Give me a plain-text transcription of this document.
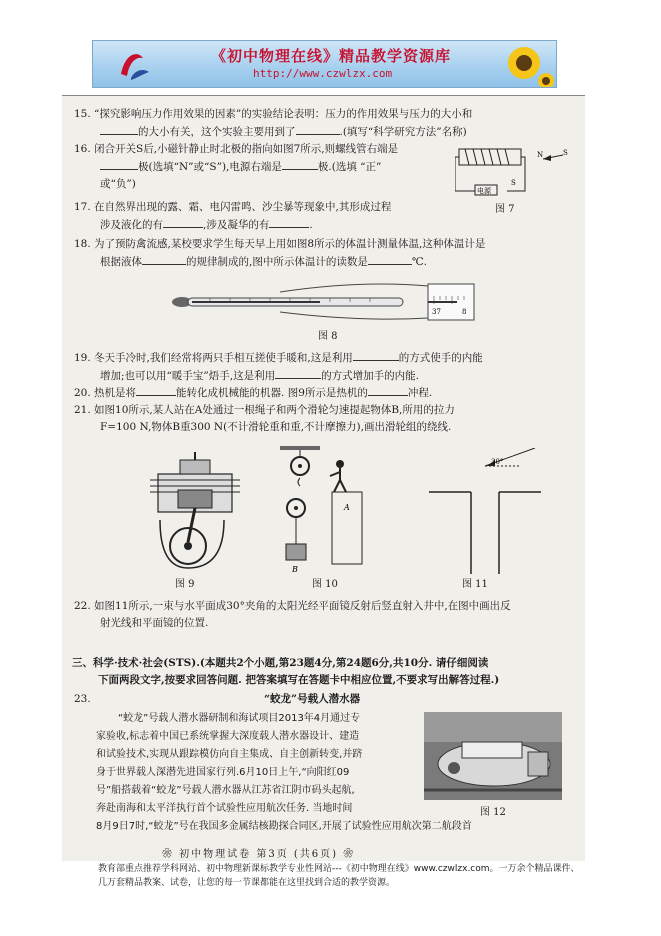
《初中物理在线》精品教学资源库
http://www.czwlzx.com
15. “探究影响压力作用效果的因素”的实验结论表明：压力的作用效果与压力的大小和
的大小有关，这个实验主要用到了	.(填写“科学研究方法”名称)
16. 闭合开关S后,小磁针静止时北极的指向如图7所示,则螺线管右端是
极(选填“N”或“S”),电源右端是	极.(选填 “正”
或“负”)
电源
S
N	S
图 7
17. 在自然界出现的露、霜、电闪雷鸣、沙尘暴等现象中,其形成过程
涉及液化的有	,涉及凝华的有	.
18. 为了预防禽流感,某校要求学生每天早上用如图8所示的体温计测量体温,这种体温计是
根据液体	的规律制成的,图中所示体温计的读数是	℃.
37	8
图 8
19. 冬天手冷时,我们经常将两只手相互搓使手暖和,这是利用	的方式使手的内能
增加;也可以用“暖手宝”焐手,这是利用	的方式增加手的内能.
20. 热机是将	能转化成机械能的机器. 图9所示是热机的	冲程.
21. 如图10所示,某人站在A处通过一根绳子和两个滑轮匀速提起物体B,所用的拉力
F=100 N,物体B重300 N(不计滑轮重和重,不计摩擦力),画出滑轮组的绕线.
图 9
B
A
图 10
30°
图 11
22. 如图11所示,一束与水平面成30°夹角的太阳光经平面镜反射后竖直射入井中,在图中画出反
射光线和平面镜的位置.
三、科学·技术·社会(STS).(本题共2个小题,第23题4分,第24题6分,共10分. 请仔细阅读
下面两段文字,按要求回答问题. 把答案填写在答题卡中相应位置,不要求写出解答过程.)
23.	“蛟龙”号载人潜水器
“蛟龙”号载人潜水器研制和海试项目2013年4月通过专
家验收,标志着中国已系统掌握大深度载人潜水器设计、建造
和试验技术,实现从跟踪模仿向自主集成、自主创新转变,并跻
身于世界载人深潜先进国家行列.6月10日上午,“向阳红09
号”船搭载着“蛟龙”号载人潜水器从江苏省江阴市码头起航,
奔赴南海和太平洋执行首个试验性应用航次任务. 当地时间
8月9日7时,“蛟龙”号在我国多金属结核勘探合同区,开展了试验性应用航次第二航段首
图 12
❀ 初中物理试卷 第3页 (共6页) ❀
教育部重点推荐学科网站、初中物理新课标教学专业性网站---《初中物理在线》www.czwlzx.com。一万余个精品课件、
几万套精品教案、试卷，让您的每一节课都能在这里找到合适的教学资源。
